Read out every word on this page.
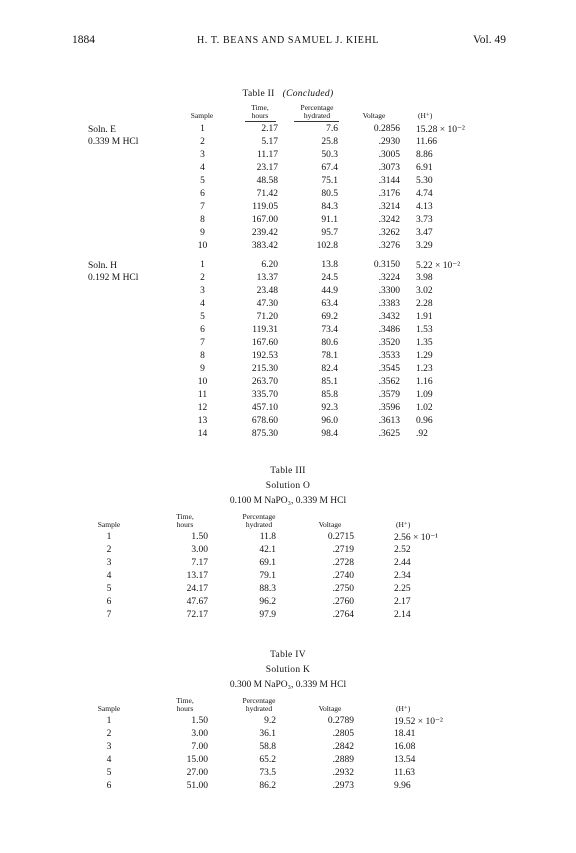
1884	H. T. BEANS AND SAMUEL J. KIEHL	Vol. 49
Table II (Concluded)
Sample
Time,
hours
Percentage
hydrated	Voltage	(H⁺)
Soln. E
0.339 M HCl
1	2.17	7.6	0.2856 15.28 × 10⁻²
2	5.17	25.8	.2930 11.66
3	11.17	50.3	.3005 8.86
4	23.17	67.4	.3073 6.91
5	48.58	75.1	.3144 5.30
6	71.42	80.5	.3176 4.74
7	119.05	84.3	.3214 4.13
8	167.00	91.1	.3242 3.73
9	239.42	95.7	.3262 3.47
10	383.42	102.8	.3276 3.29
Soln. H
0.192 M HCl
1	6.20	13.8	0.3150 5.22 × 10⁻²
2	13.37	24.5	.3224 3.98
3	23.48	44.9	.3300 3.02
4	47.30	63.4	.3383 2.28
5	71.20	69.2	.3432 1.91
6	119.31	73.4	.3486 1.53
7	167.60	80.6	.3520 1.35
8	192.53	78.1	.3533 1.29
9	215.30	82.4	.3545 1.23
10	263.70	85.1	.3562 1.16
11	335.70	85.8	.3579 1.09
12	457.10	92.3	.3596 1.02
13	678.60	96.0	.3613 0.96
14	875.30	98.4	.3625 .92
Table III
Solution O
0.100 M NaPO₃, 0.339 M HCl
Sample
Time,
hours
Percentage
hydrated	Voltage	(H⁺)
1	1.50	11.8	0.2715	2.56 × 10⁻¹
2	3.00	42.1	.2719	2.52
3	7.17	69.1	.2728	2.44
4	13.17	79.1	.2740	2.34
5	24.17	88.3	.2750	2.25
6	47.67	96.2	.2760	2.17
7	72.17	97.9	.2764	2.14
Table IV
Solution K
0.300 M NaPO₃, 0.339 M HCl
Sample
Time,
hours
Percentage
hydrated	Voltage	(H⁺)
1	1.50	9.2	0.2789	19.52 × 10⁻²
2	3.00	36.1	.2805	18.41
3	7.00	58.8	.2842	16.08
4	15.00	65.2	.2889	13.54
5	27.00	73.5	.2932	11.63
6	51.00	86.2	.2973	9.96
